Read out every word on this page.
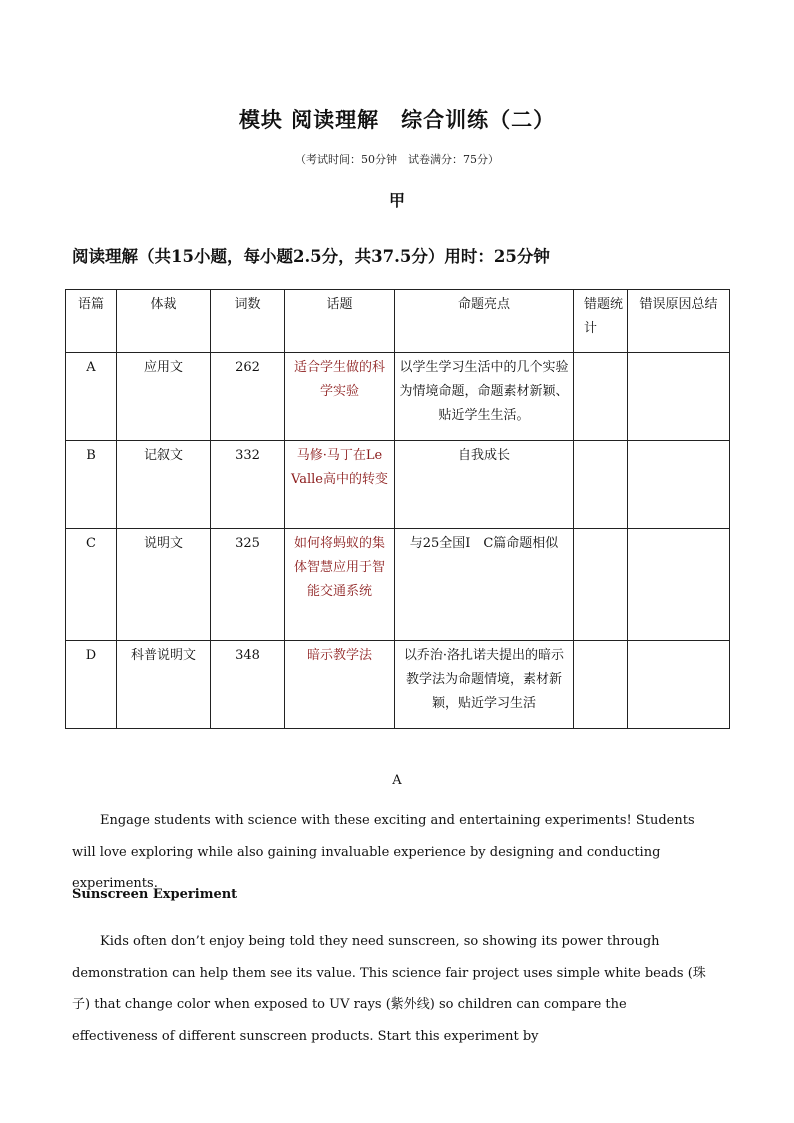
模块 阅读理解　综合训练（二）
（考试时间：50分钟　试卷满分：75分）
甲
阅读理解（共15小题，每小题2.5分，共37.5分）用时：25分钟
语篇	体裁	词数	话题	命题亮点	错题统计	错误原因总结
A	应用文	262	适合学生做的科学实验	以学生学习生活中的几个实验为情境命题，命题素材新颖、贴近学生生活。		
B	记叙文	332	马修·马丁在Le Valle高中的转变	自我成长		
C	说明文	325	如何将蚂蚁的集体智慧应用于智能交通系统	与25全国Ⅰ　C篇命题相似		
D	科普说明文	348	暗示教学法	以乔治·洛扎诺夫提出的暗示教学法为命题情境，素材新颖，贴近学习生活		
A

Engage students with science with these exciting and entertaining experiments! Students will love exploring while also gaining invaluable experience by designing and conducting experiments.

Sunscreen Experiment

Kids often don’t enjoy being told they need sunscreen, so showing its power through demonstration can help them see its value. This science fair project uses simple white beads (珠子) that change color when exposed to UV rays (紫外线) so children can compare the effectiveness of different sunscreen products. Start this experiment by
